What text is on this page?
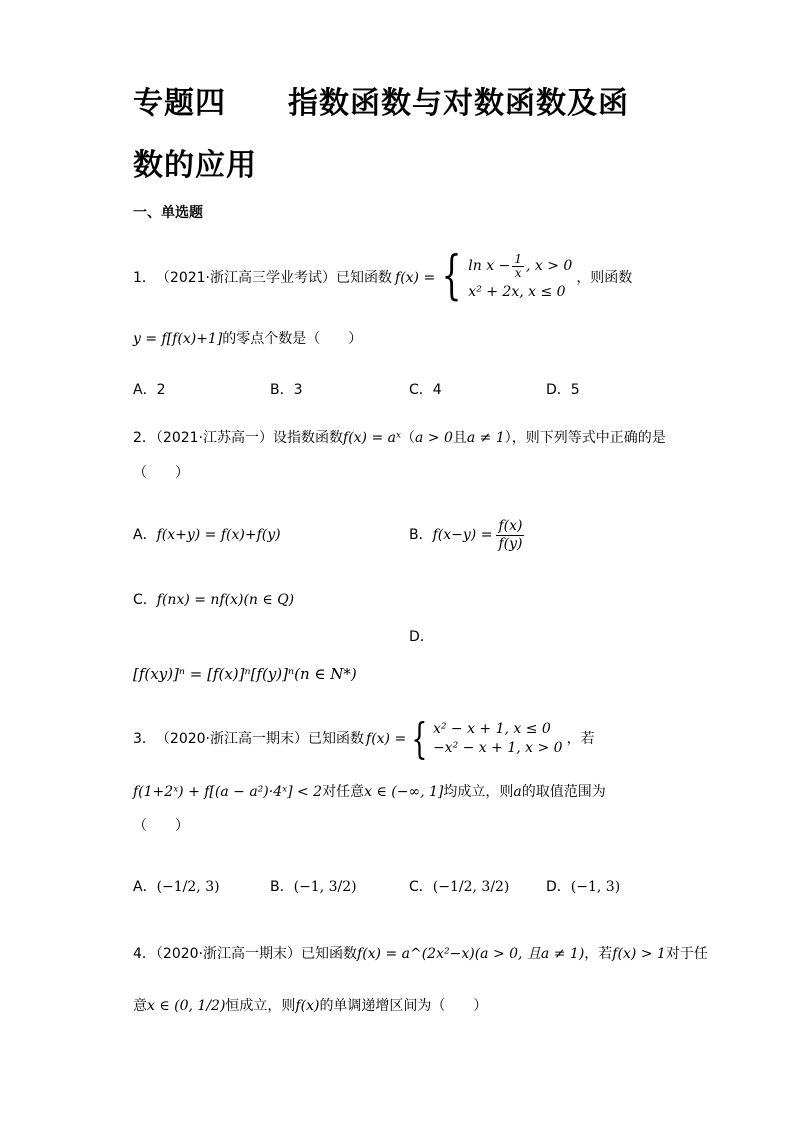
专题四　　指数函数与对数函数及函
数的应用
一、单选题
1． （2021·浙江高三学业考试） 已知函数 f(x) = { $\ln x - \frac{1}{x}$ , x > 0
x² + 2x, x ≤ 0
，则函数
y = f[f(x)+1]的零点个数是（　　）
A．2	B．3	C．4	D．5
2．（2021·江苏高一）设指数函数f(x) = aˣ（a > 0且a ≠ 1），则下列等式中正确的是
（　　）
A．f(x+y) = f(x)+f(y)	B． $f(x-y) = \frac{f(x)}{f(y)}$
C．f(nx) = nf(x)(n ∈ Q)
D．
[f(xy)]ⁿ = [f(x)]ⁿ[f(y)]ⁿ(n ∈ N*)
3． （2020·浙江高一期末） 已知函数 f(x) = { x² − x + 1, x ≤ 0
−x² − x + 1, x > 0
，若
f(1+2ˣ) + f[(a − a²)·4ˣ] < 2对任意x ∈ (−∞, 1]均成立，则a的取值范围为
（　　）
A．(−1/2, 3)	B．(−1, 3/2)	C．(−1/2, 3/2)	D．(−1, 3)
4．（2020·浙江高一期末）已知函数f(x) = a^(2x²−x)(a > 0, 且a ≠ 1)，若f(x) > 1对于任
意x ∈ (0, 1/2)恒成立，则f(x)的单调递增区间为（　　）
